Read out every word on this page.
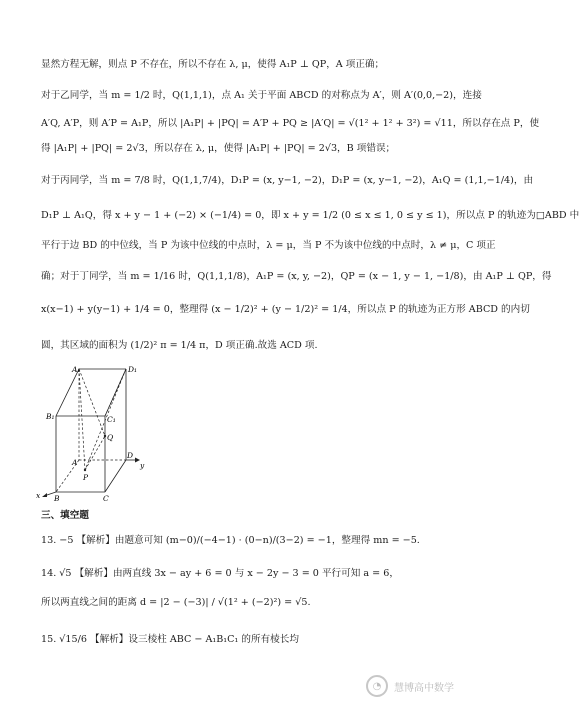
显然方程无解，则点 P 不存在，所以不存在 λ, μ，使得 A₁P ⊥ QP，A 项正确；
对于乙同学，当 m = 1/2 时，Q(1,1,1)，点 A₁ 关于平面 ABCD 的对称点为 A′，则 A′(0,0,−2)，连接
A′Q, A′P，则 A′P = A₁P，所以 |A₁P| + |PQ| = A′P + PQ ≥ |A′Q| = √(1² + 1² + 3²) = √11，所以存在点 P，使
得 |A₁P| + |PQ| = 2√3，所以存在 λ, μ，使得 |A₁P| + |PQ| = 2√3，B 项错误；
对于丙同学，当 m = 7/8 时，Q(1,1,7/4)，D₁P = (x, y−1, −2)，D₁P = (x, y−1, −2)，A₁Q = (1,1,−1/4)，由
D₁P ⊥ A₁Q，得 x + y − 1 + (−2) × (−1/4) = 0，即 x + y = 1/2 (0 ≤ x ≤ 1, 0 ≤ y ≤ 1)，所以点 P 的轨迹为□ABD 中
平行于边 BD 的中位线，当 P 为该中位线的中点时，λ = μ，当 P 不为该中位线的中点时，λ ≠ μ，C 项正
确；对于丁同学，当 m = 1/16 时，Q(1,1,1/8)，A₁P = (x, y, −2)，QP = (x − 1, y − 1, −1/8)，由 A₁P ⊥ QP，得
x(x−1) + y(y−1) + 1/4 = 0，整理得 (x − 1/2)² + (y − 1/2)² = 1/4，所以点 P 的轨迹为正方形 ABCD 的内切
圆，其区域的面积为 (1/2)² π = 1/4 π，D 项正确.故选 ACD 项.
A₁	D₁
B₁	C₁
Q
A
D
P
B	C
x
y
三、填空题
13. −5 【解析】由题意可知 (m−0)/(−4−1) · (0−n)/(3−2) = −1，整理得 mn = −5.
14. √5 【解析】由两直线 3x − ay + 6 = 0 与 x − 2y − 3 = 0 平行可知 a = 6，
所以两直线之间的距离 d = |2 − (−3)| / √(1² + (−2)²) = √5.
15. √15/6 【解析】设三棱柱 ABC − A₁B₁C₁ 的所有棱长均
◔	慧博高中数学
